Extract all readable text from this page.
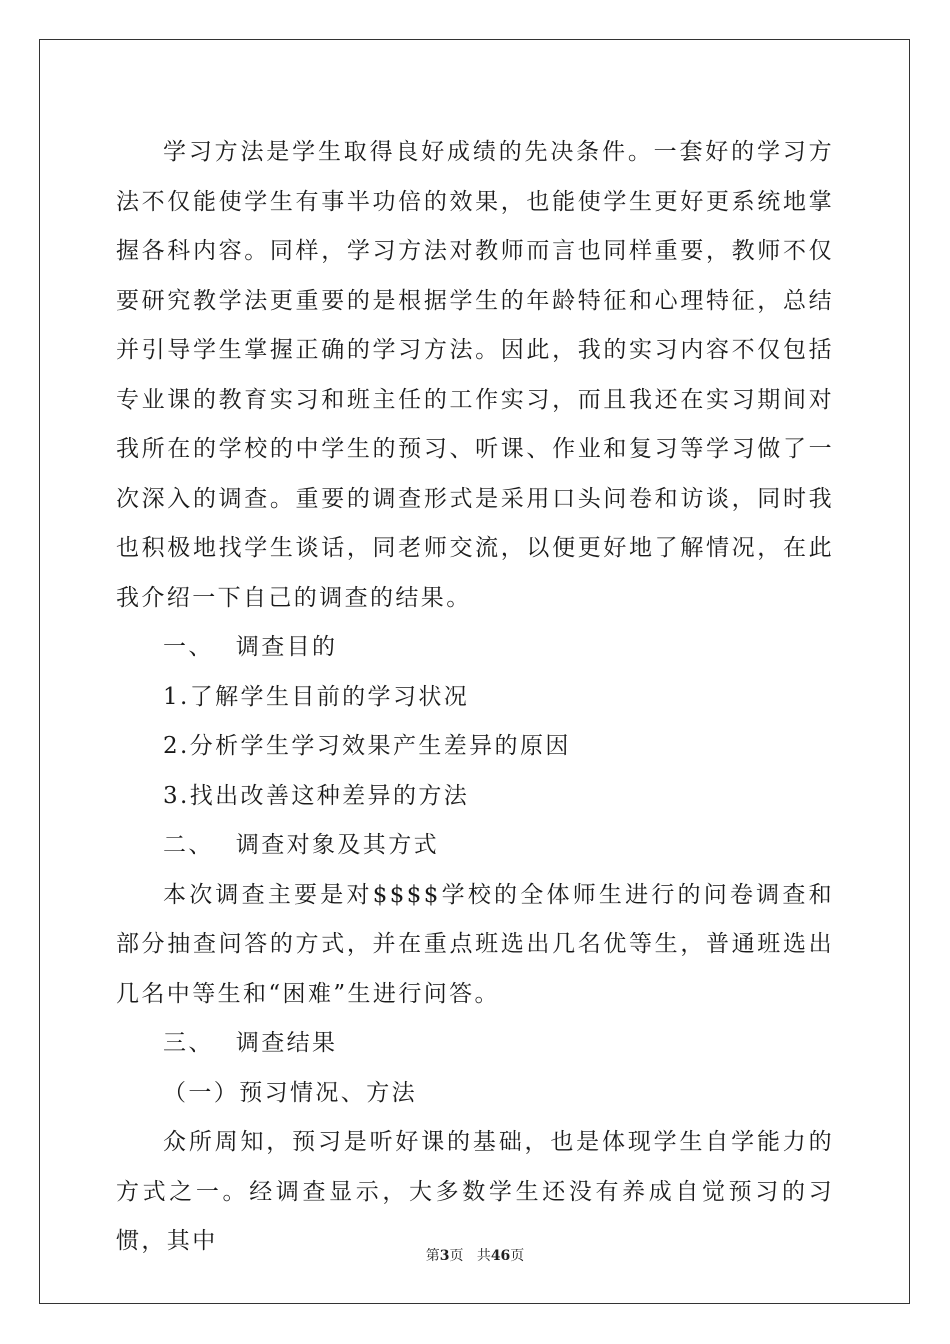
学习方法是学生取得良好成绩的先决条件。一套好的学习方法不仅能使学生有事半功倍的效果，也能使学生更好更系统地掌握各科内容。同样，学习方法对教师而言也同样重要，教师不仅要研究教学法更重要的是根据学生的年龄特征和心理特征，总结并引导学生掌握正确的学习方法。因此，我的实习内容不仅包括专业课的教育实习和班主任的工作实习，而且我还在实习期间对我所在的学校的中学生的预习、听课、作业和复习等学习做了一次深入的调查。重要的调查形式是采用口头问卷和访谈，同时我也积极地找学生谈话，同老师交流，以便更好地了解情况，在此我介绍一下自己的调查的结果。

一、 调查目的

1.了解学生目前的学习状况

2.分析学生学习效果产生差异的原因

3.找出改善这种差异的方法

二、 调查对象及其方式

本次调查主要是对$$$$学校的全体师生进行的问卷调查和部分抽查问答的方式，并在重点班选出几名优等生，普通班选出几名中等生和“困难”生进行问答。

三、 调查结果

（一）预习情况、方法

众所周知，预习是听好课的基础，也是体现学生自学能力的方式之一。经调查显示，大多数学生还没有养成自觉预习的习惯，其中

第3页 共46页
